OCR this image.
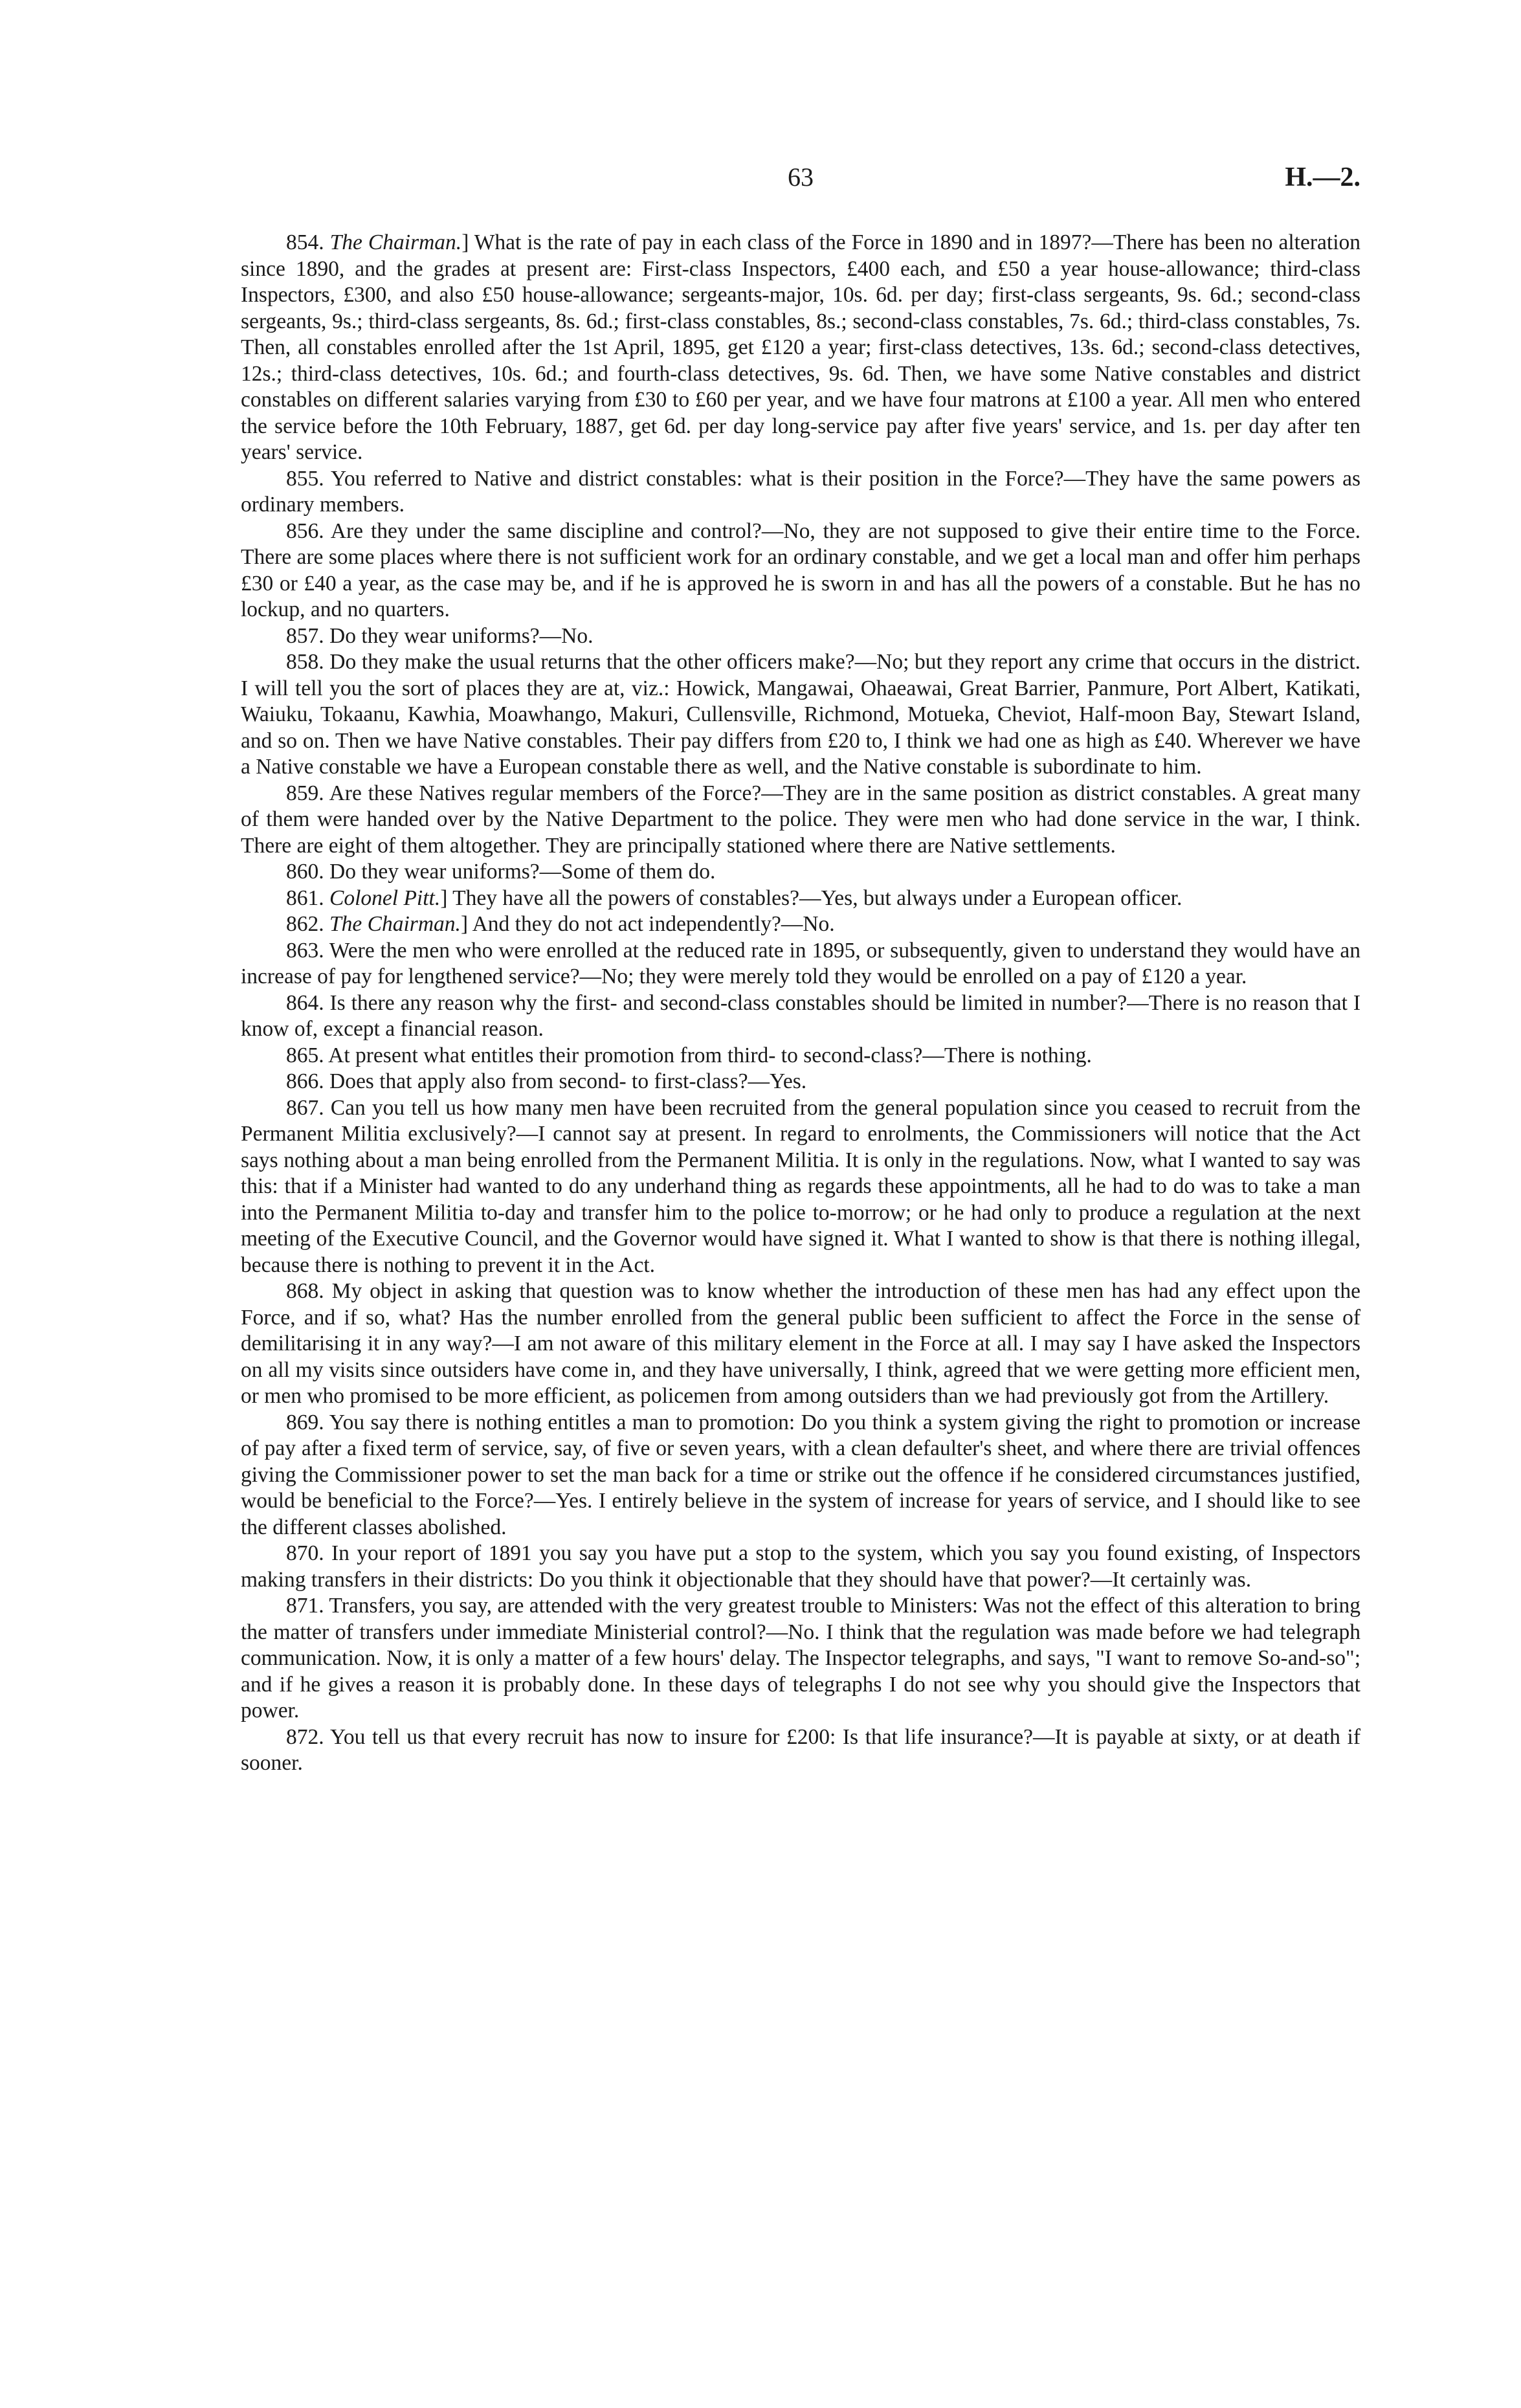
63	H.—2.

854. The Chairman.] What is the rate of pay in each class of the Force in 1890 and in 1897?—There has been no alteration since 1890, and the grades at present are: First-class Inspectors, £400 each, and £50 a year house-allowance; third-class Inspectors, £300, and also £50 house-allowance; sergeants-major, 10s. 6d. per day; first-class sergeants, 9s. 6d.; second-class sergeants, 9s.; third-class sergeants, 8s. 6d.; first-class constables, 8s.; second-class constables, 7s. 6d.; third-class constables, 7s. Then, all constables enrolled after the 1st April, 1895, get £120 a year; first-class detectives, 13s. 6d.; second-class detectives, 12s.; third-class detectives, 10s. 6d.; and fourth-class detectives, 9s. 6d. Then, we have some Native constables and district constables on different salaries varying from £30 to £60 per year, and we have four matrons at £100 a year. All men who entered the service before the 10th February, 1887, get 6d. per day long-service pay after five years' service, and 1s. per day after ten years' service.

855. You referred to Native and district constables: what is their position in the Force?—They have the same powers as ordinary members.

856. Are they under the same discipline and control?—No, they are not supposed to give their entire time to the Force. There are some places where there is not sufficient work for an ordinary constable, and we get a local man and offer him perhaps £30 or £40 a year, as the case may be, and if he is approved he is sworn in and has all the powers of a constable. But he has no lockup, and no quarters.

857. Do they wear uniforms?—No.

858. Do they make the usual returns that the other officers make?—No; but they report any crime that occurs in the district. I will tell you the sort of places they are at, viz.: Howick, Mangawai, Ohaeawai, Great Barrier, Panmure, Port Albert, Katikati, Waiuku, Tokaanu, Kawhia, Moawhango, Makuri, Cullensville, Richmond, Motueka, Cheviot, Half-moon Bay, Stewart Island, and so on. Then we have Native constables. Their pay differs from £20 to, I think we had one as high as £40. Wherever we have a Native constable we have a European constable there as well, and the Native constable is subordinate to him.

859. Are these Natives regular members of the Force?—They are in the same position as district constables. A great many of them were handed over by the Native Department to the police. They were men who had done service in the war, I think. There are eight of them altogether. They are principally stationed where there are Native settlements.

860. Do they wear uniforms?—Some of them do.

861. Colonel Pitt.] They have all the powers of constables?—Yes, but always under a European officer.

862. The Chairman.] And they do not act independently?—No.

863. Were the men who were enrolled at the reduced rate in 1895, or subsequently, given to understand they would have an increase of pay for lengthened service?—No; they were merely told they would be enrolled on a pay of £120 a year.

864. Is there any reason why the first- and second-class constables should be limited in number?—There is no reason that I know of, except a financial reason.

865. At present what entitles their promotion from third- to second-class?—There is nothing.

866. Does that apply also from second- to first-class?—Yes.

867. Can you tell us how many men have been recruited from the general population since you ceased to recruit from the Permanent Militia exclusively?—I cannot say at present. In regard to enrolments, the Commissioners will notice that the Act says nothing about a man being enrolled from the Permanent Militia. It is only in the regulations. Now, what I wanted to say was this: that if a Minister had wanted to do any underhand thing as regards these appointments, all he had to do was to take a man into the Permanent Militia to-day and transfer him to the police to-morrow; or he had only to produce a regulation at the next meeting of the Executive Council, and the Governor would have signed it. What I wanted to show is that there is nothing illegal, because there is nothing to prevent it in the Act.

868. My object in asking that question was to know whether the introduction of these men has had any effect upon the Force, and if so, what? Has the number enrolled from the general public been sufficient to affect the Force in the sense of demilitarising it in any way?—I am not aware of this military element in the Force at all. I may say I have asked the Inspectors on all my visits since outsiders have come in, and they have universally, I think, agreed that we were getting more efficient men, or men who promised to be more efficient, as policemen from among outsiders than we had previously got from the Artillery.

869. You say there is nothing entitles a man to promotion: Do you think a system giving the right to promotion or increase of pay after a fixed term of service, say, of five or seven years, with a clean defaulter's sheet, and where there are trivial offences giving the Commissioner power to set the man back for a time or strike out the offence if he considered circumstances justified, would be beneficial to the Force?—Yes. I entirely believe in the system of increase for years of service, and I should like to see the different classes abolished.

870. In your report of 1891 you say you have put a stop to the system, which you say you found existing, of Inspectors making transfers in their districts: Do you think it objectionable that they should have that power?—It certainly was.

871. Transfers, you say, are attended with the very greatest trouble to Ministers: Was not the effect of this alteration to bring the matter of transfers under immediate Ministerial control?—No. I think that the regulation was made before we had telegraph communication. Now, it is only a matter of a few hours' delay. The Inspector telegraphs, and says, "I want to remove So-and-so"; and if he gives a reason it is probably done. In these days of telegraphs I do not see why you should give the Inspectors that power.

872. You tell us that every recruit has now to insure for £200: Is that life insurance?—It is payable at sixty, or at death if sooner.
